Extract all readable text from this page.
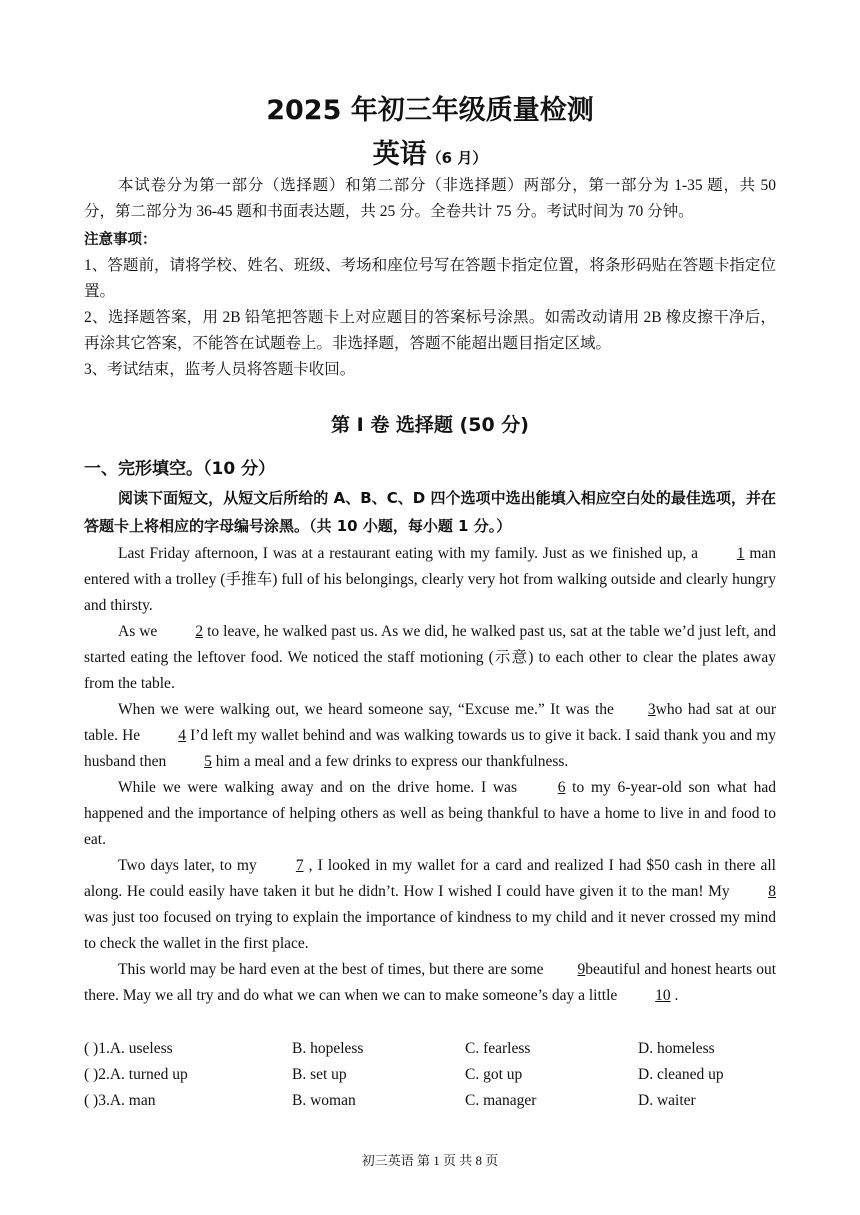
2025 年初三年级质量检测
英语（6 月）
本试卷分为第一部分（选择题）和第二部分（非选择题）两部分，第一部分为 1-35 题，共 50 分，第二部分为 36-45 题和书面表达题，共 25 分。全卷共计 75 分。考试时间为 70 分钟。
注意事项：
1、答题前，请将学校、姓名、班级、考场和座位号写在答题卡指定位置，将条形码贴在答题卡指定位置。
2、选择题答案，用 2B 铅笔把答题卡上对应题目的答案标号涂黑。如需改动请用 2B 橡皮擦干净后，再涂其它答案，不能答在试题卷上。非选择题，答题不能超出题目指定区域。
3、考试结束，监考人员将答题卡收回。
第 I 卷 选择题 (50 分)
一、完形填空。（10 分）
阅读下面短文，从短文后所给的 A、B、C、D 四个选项中选出能填入相应空白处的最佳选项，并在答题卡上将相应的字母编号涂黑。（共 10 小题，每小题 1 分。）

Last Friday afternoon, I was at a restaurant eating with my family. Just as we finished up, a 1 man entered with a trolley (手推车) full of his belongings, clearly very hot from walking outside and clearly hungry and thirsty.

As we 2 to leave, he walked past us. As we did, he walked past us, sat at the table we’d just left, and started eating the leftover food. We noticed the staff motioning (示意) to each other to clear the plates away from the table.

When we were walking out, we heard someone say, “Excuse me.” It was the 3who had sat at our table. He 4 I’d left my wallet behind and was walking towards us to give it back. I said thank you and my husband then 5 him a meal and a few drinks to express our thankfulness.

While we were walking away and on the drive home. I was 6 to my 6-year-old son what had happened and the importance of helping others as well as being thankful to have a home to live in and food to eat.

Two days later, to my 7 , I looked in my wallet for a card and realized I had $50 cash in there all along. He could easily have taken it but he didn’t. How I wished I could have given it to the man! My 8 was just too focused on trying to explain the importance of kindness to my child and it never crossed my mind to check the wallet in the first place.

This world may be hard even at the best of times, but there are some 9beautiful and honest hearts out there. May we all try and do what we can when we can to make someone’s day a little 10 .

( )1.A. useless	B. hopeless	C. fearless	D. homeless
( )2.A. turned up	B. set up	C. got up	D. cleaned up
( )3.A. man	B. woman	C. manager	D. waiter
初三英语 第 1 页 共 8 页
